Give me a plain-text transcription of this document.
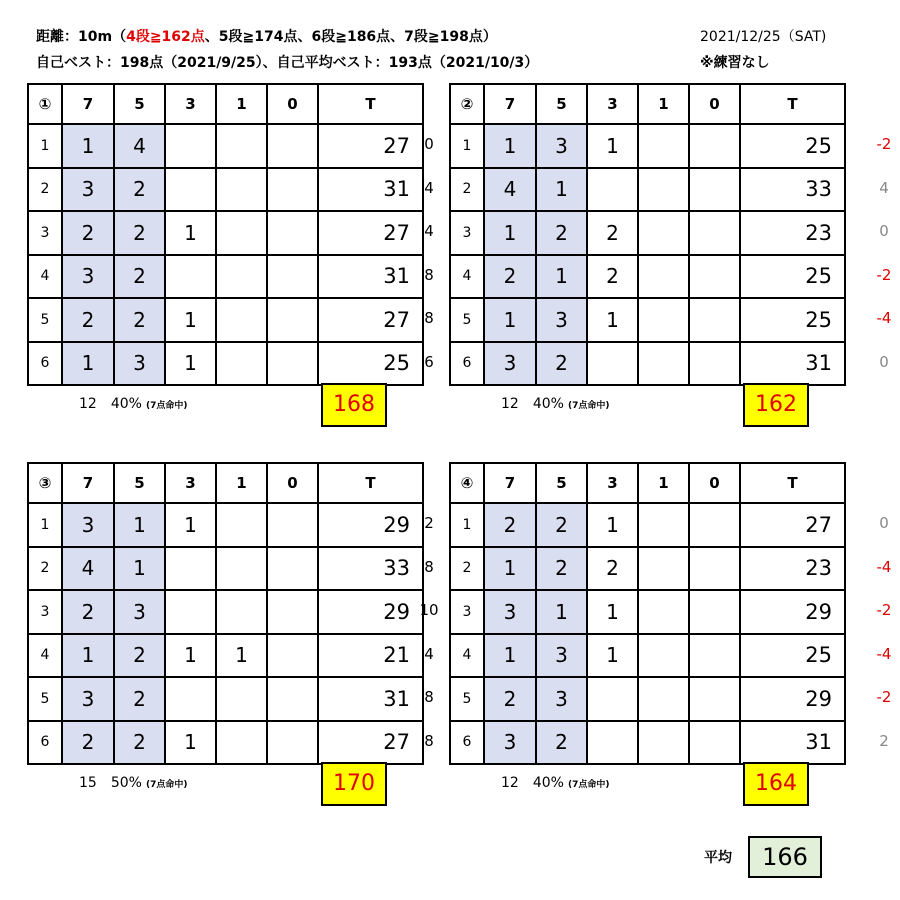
距離：10m（4段≧162点、5段≧174点、6段≧186点、7段≧198点）
自己ベスト：198点（2021/9/25）、自己平均ベスト：193点（2021/10/3）
2021/12/25（SAT)
※練習なし
①	7	5	3	1	0	T
1	1	4				27
2	3	2				31
3	2	2	1			27
4	3	2				31
5	2	2	1			27
6	1	3	1			25
12 40% (7点命中)	168
0	-2
4	4
4	0
8	-2
8	-4
6	0
②	7	5	3	1	0	T
1	1	3	1			25
2	4	1				33
3	1	2	2			23
4	2	1	2			25
5	1	3	1			25
6	3	2				31
12 40% (7点命中)	162
③	7	5	3	1	0	T
1	3	1	1			29
2	4	1				33
3	2	3				29
4	1	2	1	1		21
5	3	2				31
6	2	2	1			27
15 50% (7点命中)	170
2	0
8	-4
10	-2
4	-4
8	-2
8	2
④	7	5	3	1	0	T
1	2	2	1			27
2	1	2	2			23
3	3	1	1			29
4	1	3	1			25
5	2	3				29
6	3	2				31
12 40% (7点命中)	164
平均	166
